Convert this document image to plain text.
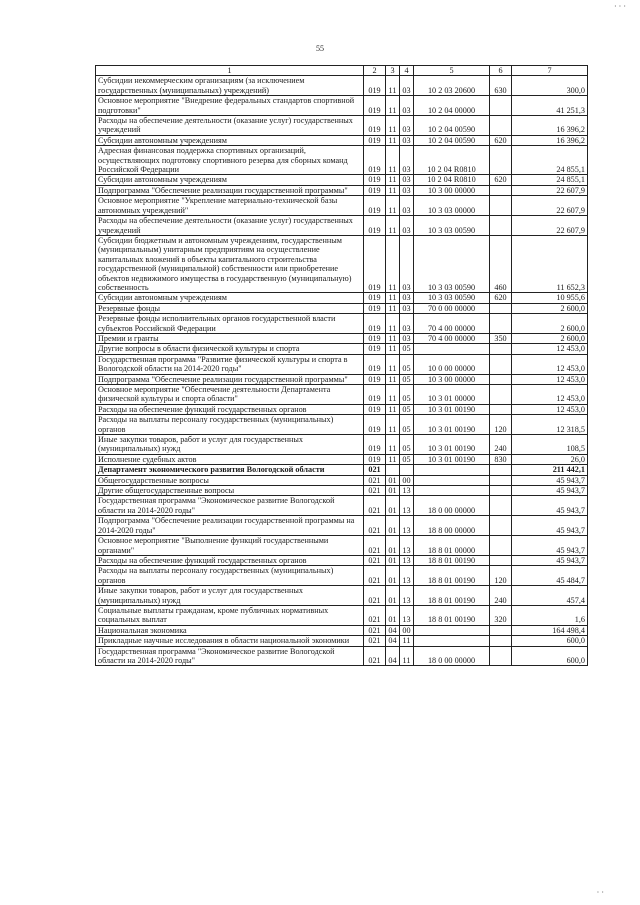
· · ·
55
1	2	3	4	5	6	7
Субсидии некоммерческим организациям (за исключением государственных (муниципальных) учреждений)	019	11	03	10 2 03 20600	630	300,0
Основное мероприятие "Внедрение федеральных стандартов спортивной подготовки"	019	11	03	10 2 04 00000		41 251,3
Расходы на обеспечение деятельности (оказание услуг) государственных учреждений	019	11	03	10 2 04 00590		16 396,2
Субсидии автономным учреждениям	019	11	03	10 2 04 00590	620	16 396,2
Адресная финансовая поддержка спортивных организаций, осуществляющих подготовку спортивного резерва для сборных команд Российской Федерации	019	11	03	10 2 04 R0810		24 855,1
Субсидии автономным учреждениям	019	11	03	10 2 04 R0810	620	24 855,1
Подпрограмма "Обеспечение реализации государственной программы"	019	11	03	10 3 00 00000		22 607,9
Основное мероприятие "Укрепление материально-технической базы автономных учреждений"	019	11	03	10 3 03 00000		22 607,9
Расходы на обеспечение деятельности (оказание услуг) государственных учреждений	019	11	03	10 3 03 00590		22 607,9
Субсидии бюджетным и автономным учреждениям, государственным (муниципальным) унитарным предприятиям на осуществление капитальных вложений в объекты капитального строительства государственной (муниципальной) собственности или приобретение объектов недвижимого имущества в государственную (муниципальную) собственность	019	11	03	10 3 03 00590	460	11 652,3
Субсидии автономным учреждениям	019	11	03	10 3 03 00590	620	10 955,6
Резервные фонды	019	11	03	70 0 00 00000		2 600,0
Резервные фонды исполнительных органов государственной власти субъектов Российской Федерации	019	11	03	70 4 00 00000		2 600,0
Премии и гранты	019	11	03	70 4 00 00000	350	2 600,0
Другие вопросы в области физической культуры и спорта	019	11	05			12 453,0
Государственная программа "Развитие физической культуры и спорта в Вологодской области на 2014-2020 годы"	019	11	05	10 0 00 00000		12 453,0
Подпрограмма "Обеспечение реализации государственной программы"	019	11	05	10 3 00 00000		12 453,0
Основное мероприятие "Обеспечение деятельности Департамента физической культуры и спорта области"	019	11	05	10 3 01 00000		12 453,0
Расходы на обеспечение функций государственных органов	019	11	05	10 3 01 00190		12 453,0
Расходы на выплаты персоналу государственных (муниципальных) органов	019	11	05	10 3 01 00190	120	12 318,5
Иные закупки товаров, работ и услуг для государственных (муниципальных) нужд	019	11	05	10 3 01 00190	240	108,5
Исполнение судебных актов	019	11	05	10 3 01 00190	830	26,0
Департамент экономического развития Вологодской области	021					211 442,1
Общегосударственные вопросы	021	01	00			45 943,7
Другие общегосударственные вопросы	021	01	13			45 943,7
Государственная программа "Экономическое развитие Вологодской области на 2014-2020 годы"	021	01	13	18 0 00 00000		45 943,7
Подпрограмма "Обеспечение реализации государственной программы на 2014-2020 годы"	021	01	13	18 8 00 00000		45 943,7
Основное мероприятие "Выполнение функций государственными органами"	021	01	13	18 8 01 00000		45 943,7
Расходы на обеспечение функций государственных органов	021	01	13	18 8 01 00190		45 943,7
Расходы на выплаты персоналу государственных (муниципальных) органов	021	01	13	18 8 01 00190	120	45 484,7
Иные закупки товаров, работ и услуг для государственных (муниципальных) нужд	021	01	13	18 8 01 00190	240	457,4
Социальные выплаты гражданам, кроме публичных нормативных социальных выплат	021	01	13	18 8 01 00190	320	1,6
Национальная экономика	021	04	00			164 498,4
Прикладные научные исследования в области национальной экономики	021	04	11			600,0
Государственная программа "Экономическое развитие Вологодской области на 2014-2020 годы"	021	04	11	18 0 00 00000		600,0
· ·
